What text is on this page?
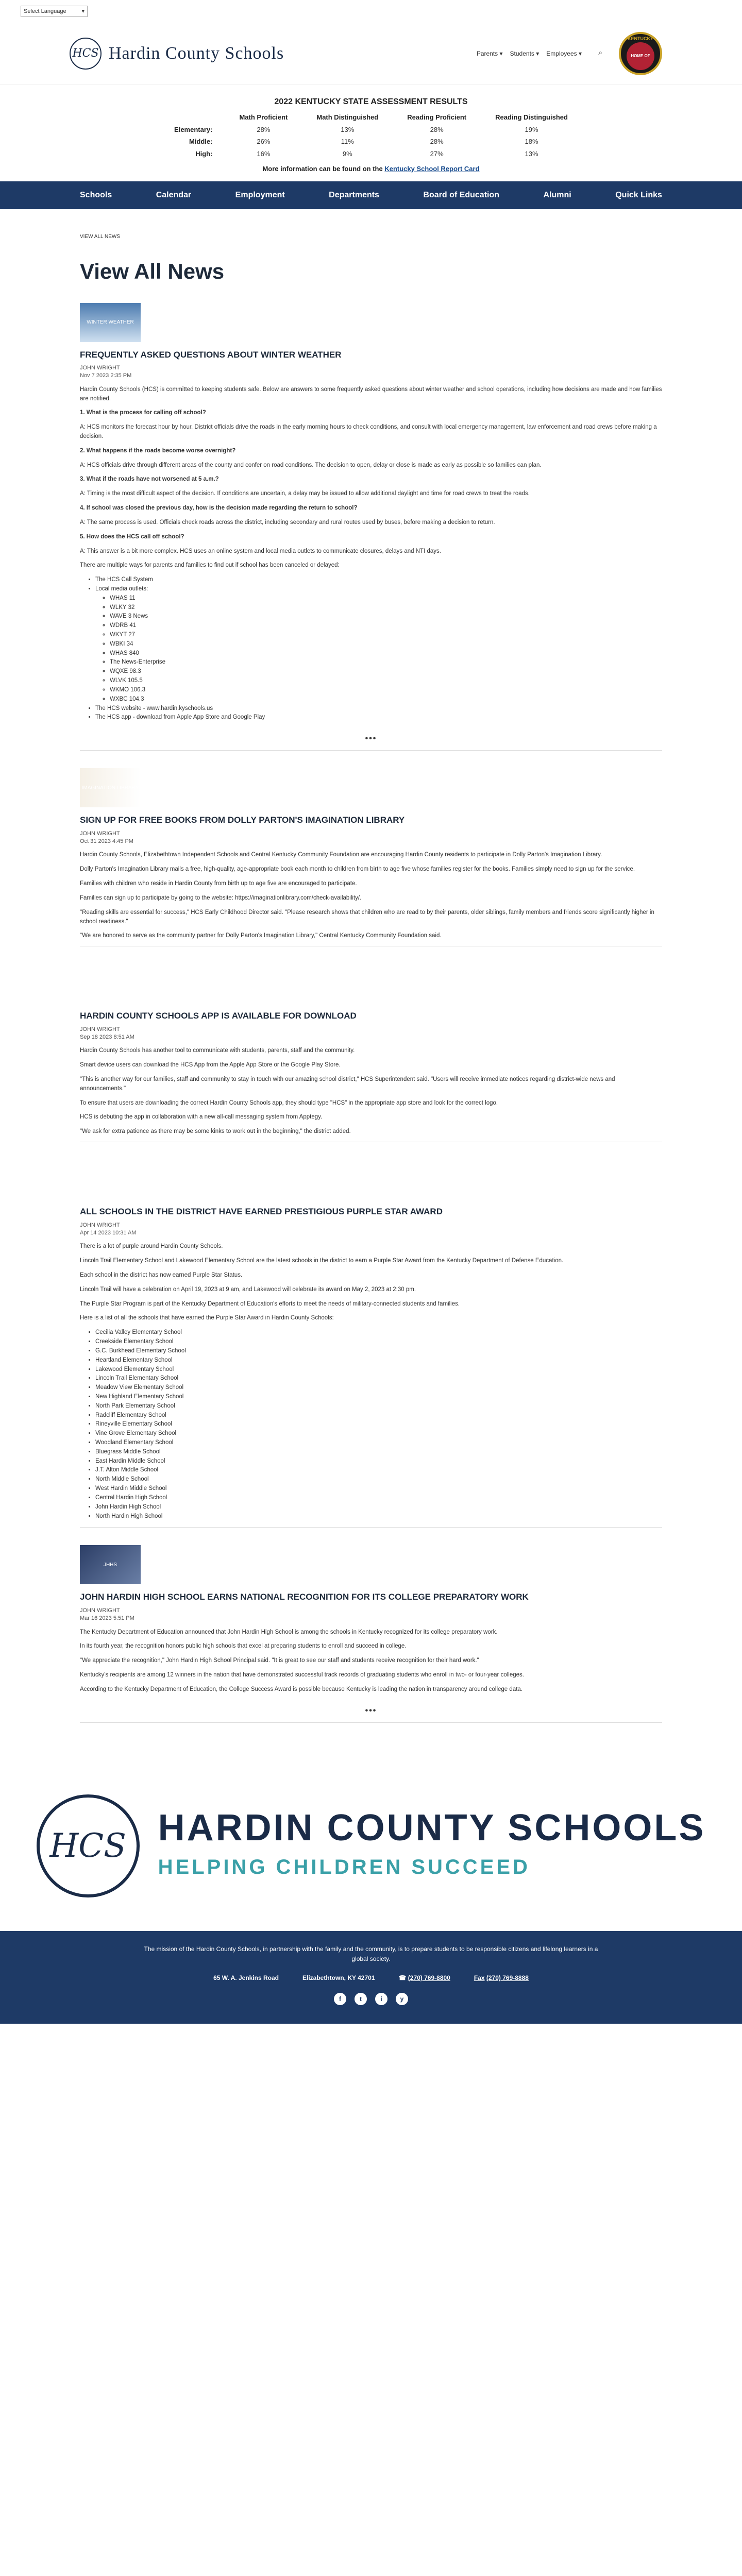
Select Language	▾
HCS Hardin County Schools	Parents ▾ Students ▾ Employees ▾	⌕
KENTUCKY
HOME OF
2022 KENTUCKY STATE ASSESSMENT RESULTS
	Math Proficient	Math Distinguished	Reading Proficient	Reading Distinguished
Elementary:	28%	13%	28%	19%
Middle:	26%	11%	28%	18%
High:	16%	9%	27%	13%
More information can be found on the Kentucky School Report Card
Schools	Calendar	Employment	Departments	Board of Education	Alumni	Quick Links
VIEW ALL NEWS
View All News
WINTER WEATHER
FREQUENTLY ASKED QUESTIONS ABOUT WINTER WEATHER
JOHN WRIGHT
Nov 7 2023 2:35 PM

Hardin County Schools (HCS) is committed to keeping students safe. Below are answers to some frequently asked questions about winter weather and school operations, including how decisions are made and how families are notified.

1. What is the process for calling off school?

A: HCS monitors the forecast hour by hour. District officials drive the roads in the early morning hours to check conditions, and consult with local emergency management, law enforcement and road crews before making a decision.

2. What happens if the roads become worse overnight?

A: HCS officials drive through different areas of the county and confer on road conditions. The decision to open, delay or close is made as early as possible so families can plan.

3. What if the roads have not worsened at 5 a.m.?

A: Timing is the most difficult aspect of the decision. If conditions are uncertain, a delay may be issued to allow additional daylight and time for road crews to treat the roads.

4. If school was closed the previous day, how is the decision made regarding the return to school?

A: The same process is used. Officials check roads across the district, including secondary and rural routes used by buses, before making a decision to return.

5. How does the HCS call off school?

A: This answer is a bit more complex. HCS uses an online system and local media outlets to communicate closures, delays and NTI days.

There are multiple ways for parents and families to find out if school has been canceled or delayed:

• The HCS Call System
• Local media outlets:
◦ WHAS 11
◦ WLKY 32
◦ WAVE 3 News
◦ WDRB 41
◦ WKYT 27
◦ WBKI 34
◦ WHAS 840
◦ The News-Enterprise
◦ WQXE 98.3
◦ WLVK 105.5
◦ WKMO 106.3
◦ WXBC 104.3
• The HCS website - www.hardin.kyschools.us
• The HCS app - download from Apple App Store and Google Play
•••
IMAGINATION LIBRARY
SIGN UP FOR FREE BOOKS FROM DOLLY PARTON'S IMAGINATION LIBRARY
JOHN WRIGHT
Oct 31 2023 4:45 PM

Hardin County Schools, Elizabethtown Independent Schools and Central Kentucky Community Foundation are encouraging Hardin County residents to participate in Dolly Parton's Imagination Library.

Dolly Parton's Imagination Library mails a free, high-quality, age-appropriate book each month to children from birth to age five whose families register for the books. Families simply need to sign up for the service.

Families with children who reside in Hardin County from birth up to age five are encouraged to participate.

Families can sign up to participate by going to the website: https://imaginationlibrary.com/check-availability/.

"Reading skills are essential for success," HCS Early Childhood Director said. "Please research shows that children who are read to by their parents, older siblings, family members and friends score significantly higher in school readiness."

"We are honored to serve as the community partner for Dolly Parton's Imagination Library," Central Kentucky Community Foundation said.

APP
HARDIN COUNTY SCHOOLS APP IS AVAILABLE FOR DOWNLOAD
JOHN WRIGHT
Sep 18 2023 8:51 AM

Hardin County Schools has another tool to communicate with students, parents, staff and the community.

Smart device users can download the HCS App from the Apple App Store or the Google Play Store.

"This is another way for our families, staff and community to stay in touch with our amazing school district," HCS Superintendent said. "Users will receive immediate notices regarding district-wide news and announcements."

To ensure that users are downloading the correct Hardin County Schools app, they should type "HCS" in the appropriate app store and look for the correct logo.

HCS is debuting the app in collaboration with a new all-call messaging system from Apptegy.

"We ask for extra patience as there may be some kinks to work out in the beginning," the district added.

PURPLE STAR
ALL SCHOOLS IN THE DISTRICT HAVE EARNED PRESTIGIOUS PURPLE STAR AWARD
JOHN WRIGHT
Apr 14 2023 10:31 AM

There is a lot of purple around Hardin County Schools.

Lincoln Trail Elementary School and Lakewood Elementary School are the latest schools in the district to earn a Purple Star Award from the Kentucky Department of Defense Education.

Each school in the district has now earned Purple Star Status.

Lincoln Trail will have a celebration on April 19, 2023 at 9 am, and Lakewood will celebrate its award on May 2, 2023 at 2:30 pm.

The Purple Star Program is part of the Kentucky Department of Education's efforts to meet the needs of military-connected students and families.

Here is a list of all the schools that have earned the Purple Star Award in Hardin County Schools:

• Cecilia Valley Elementary School
• Creekside Elementary School
• G.C. Burkhead Elementary School
• Heartland Elementary School
• Lakewood Elementary School
• Lincoln Trail Elementary School
• Meadow View Elementary School
• New Highland Elementary School
• North Park Elementary School
• Radcliff Elementary School
• Rineyville Elementary School
• Vine Grove Elementary School
• Woodland Elementary School
• Bluegrass Middle School
• East Hardin Middle School
• J.T. Alton Middle School
• North Middle School
• West Hardin Middle School
• Central Hardin High School
• John Hardin High School
• North Hardin High School
JHHS
JOHN HARDIN HIGH SCHOOL EARNS NATIONAL RECOGNITION FOR ITS COLLEGE PREPARATORY WORK
JOHN WRIGHT
Mar 16 2023 5:51 PM

The Kentucky Department of Education announced that John Hardin High School is among the schools in Kentucky recognized for its college preparatory work.

In its fourth year, the recognition honors public high schools that excel at preparing students to enroll and succeed in college.

"We appreciate the recognition," John Hardin High School Principal said. "It is great to see our staff and students receive recognition for their hard work."

Kentucky's recipients are among 12 winners in the nation that have demonstrated successful track records of graduating students who enroll in two- or four-year colleges.

According to the Kentucky Department of Education, the College Success Award is possible because Kentucky is leading the nation in transparency around college data.

•••
HCS HARDIN COUNTY SCHOOLS
HELPING CHILDREN SUCCEED
The mission of the Hardin County Schools, in partnership with the family and the community, is to prepare students to be responsible citizens and lifelong learners in a global society.
65 W. A. Jenkins Road	Elizabethtown, KY 42701	☎ (270) 769-8800	Fax (270) 769-8888
f	t	i	y
